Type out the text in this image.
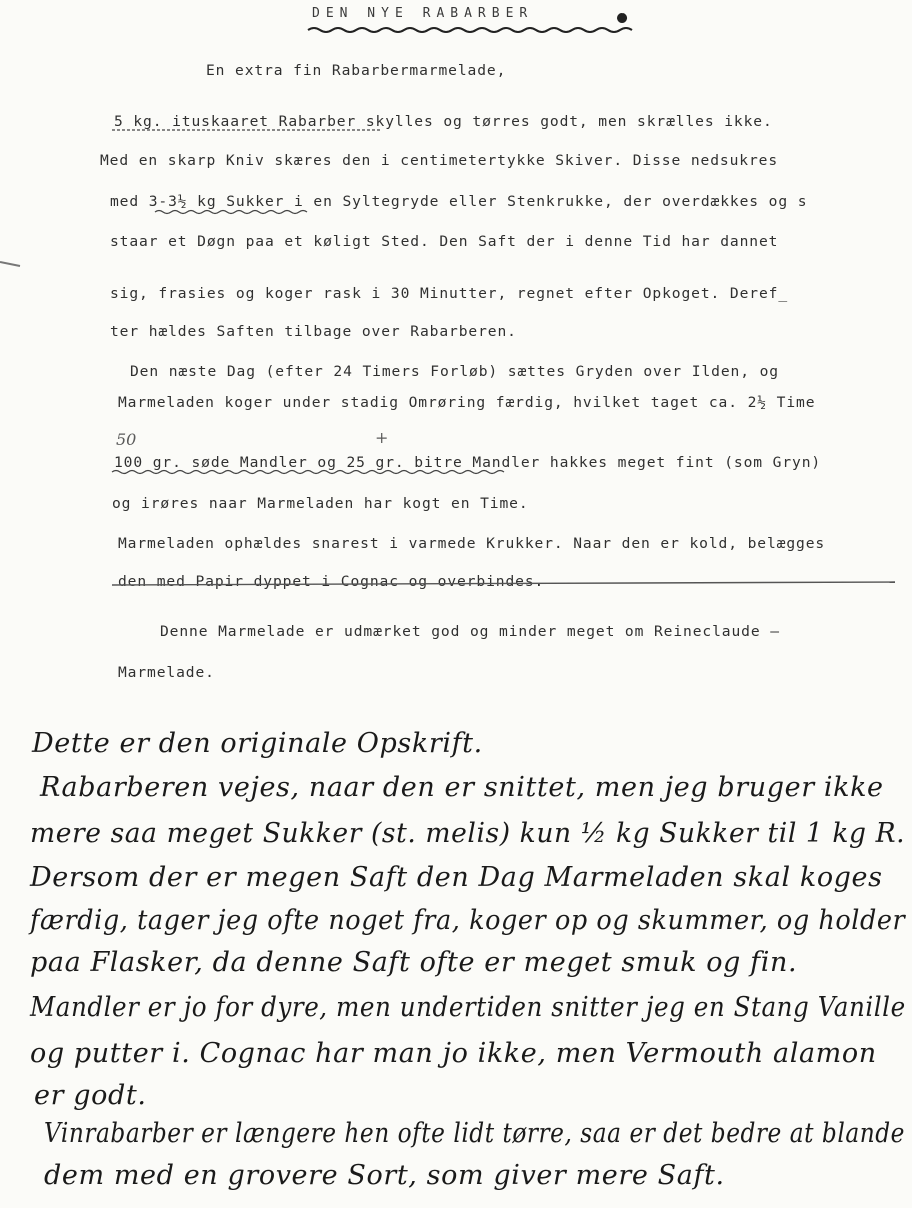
DEN NYE RABARBER
En extra fin Rabarbermarmelade,
5 kg. ituskaaret Rabarber skylles og tørres godt, men skrælles ikke.
Med en skarp Kniv skæres den i centimetertykke Skiver. Disse nedsukres
med 3-3½ kg Sukker i en Syltegryde eller Stenkrukke, der overdækkes og s
staar et Døgn paa et køligt Sted. Den Saft der i denne Tid har dannet
sig, frasies og koger rask i 30 Minutter, regnet efter Opkoget. Deref_
ter hældes Saften tilbage over Rabarberen.
Den næste Dag (efter 24 Timers Forløb) sættes Gryden over Ilden, og
Marmeladen koger under stadig Omrøring færdig, hvilket taget ca. 2½ Time
100 gr. søde Mandler og 25 gr. bitre Mandler hakkes meget fint (som Gryn)
og irøres naar Marmeladen har kogt en Time.
Marmeladen ophældes snarest i varmede Krukker. Naar den er kold, belægges
den med Papir dyppet i Cognac og overbindes.
Denne Marmelade er udmærket god og minder meget om Reineclaude —
Marmelade.
50	+
Dette er den originale Opskrift.
Rabarberen vejes, naar den er snittet, men jeg bruger ikke
mere saa meget Sukker (st. melis) kun ½ kg Sukker til 1 kg R.
Dersom der er megen Saft den Dag Marmeladen skal koges
færdig, tager jeg ofte noget fra, koger op og skummer, og holder
paa Flasker, da denne Saft ofte er meget smuk og fin.
Mandler er jo for dyre, men undertiden snitter jeg en Stang Vanille
og putter i. Cognac har man jo ikke, men Vermouth alamon
er godt.
Vinrabarber er længere hen ofte lidt tørre, saa er det bedre at blande
dem med en grovere Sort, som giver mere Saft.
